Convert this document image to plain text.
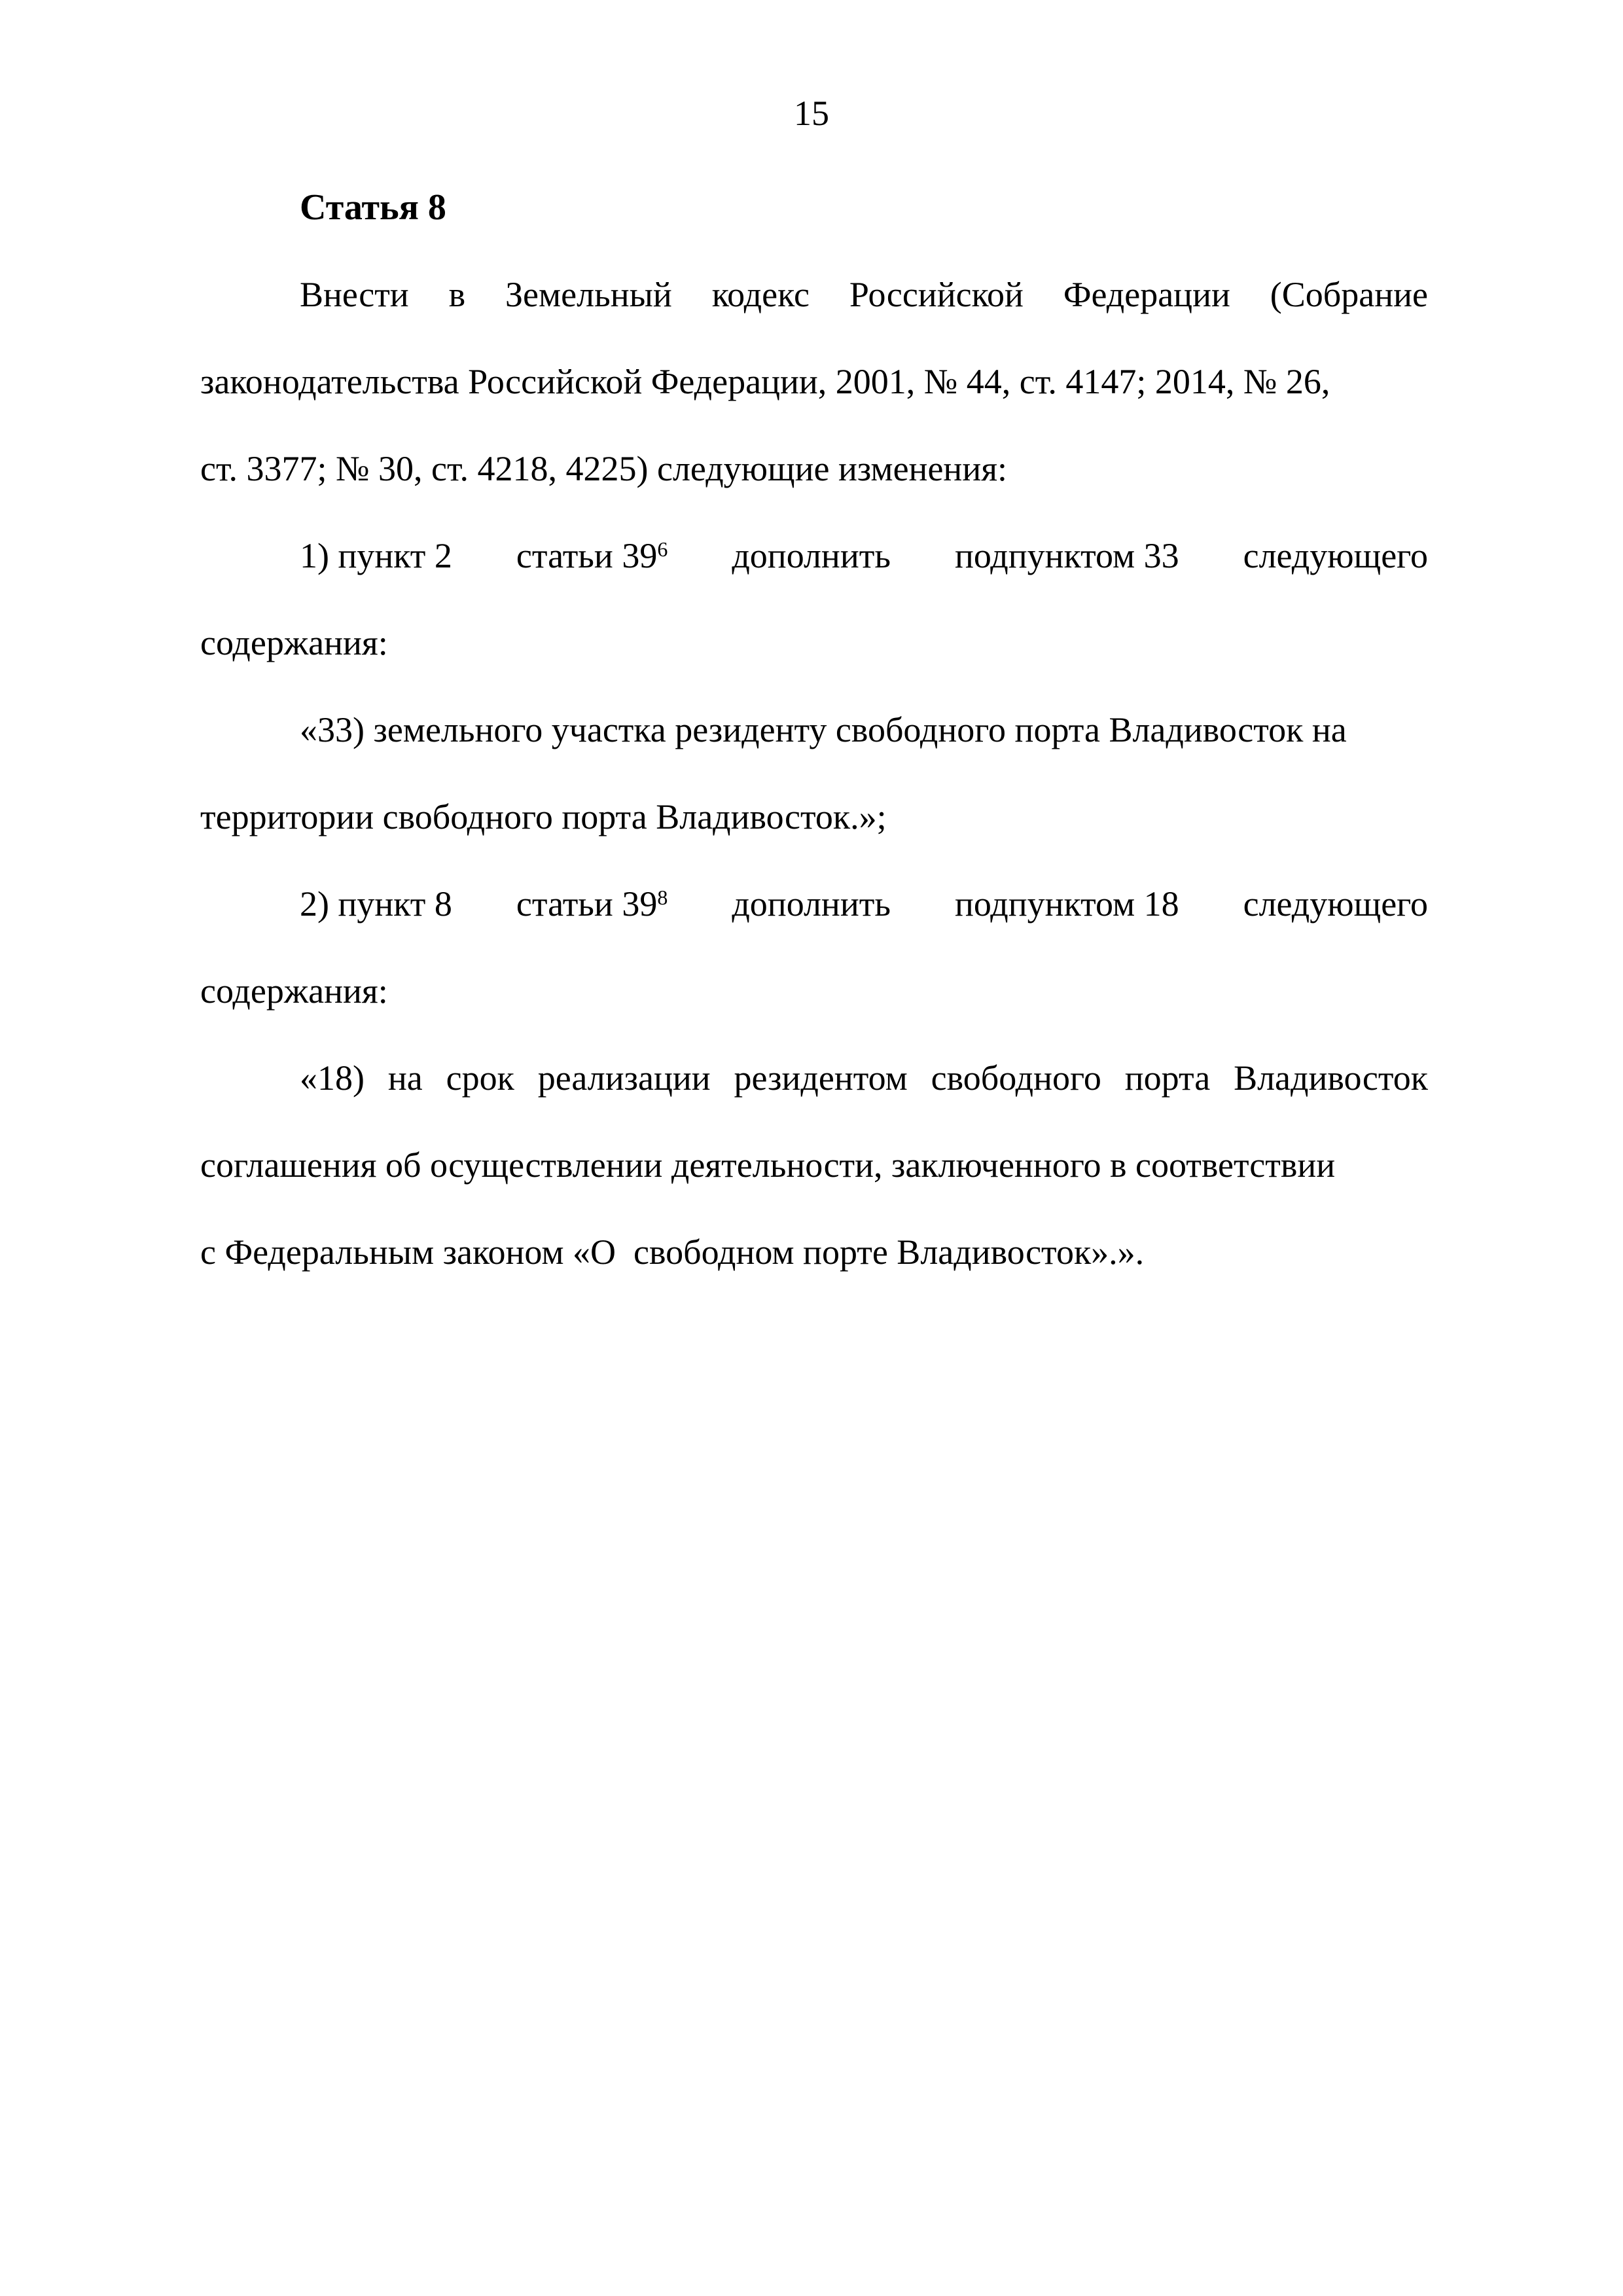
15
Статья 8
Внести в Земельный кодекс Российской Федерации (Собрание
законодательства Российской Федерации, 2001, № 44, ст. 4147; 2014, № 26,
ст. 3377; № 30, ст. 4218, 4225) следующие изменения:
1) пункт 2 статьи $39^6$ дополнить подпунктом 33 следующего
содержания:
«33) земельного участка резиденту свободного порта Владивосток на
территории свободного порта Владивосток.»;
2) пункт 8 статьи $39^8$ дополнить подпунктом 18 следующего
содержания:
«18) на срок реализации резидентом свободного порта Владивосток
соглашения об осуществлении деятельности, заключенного в соответствии
с Федеральным законом «О  свободном порте Владивосток».».
